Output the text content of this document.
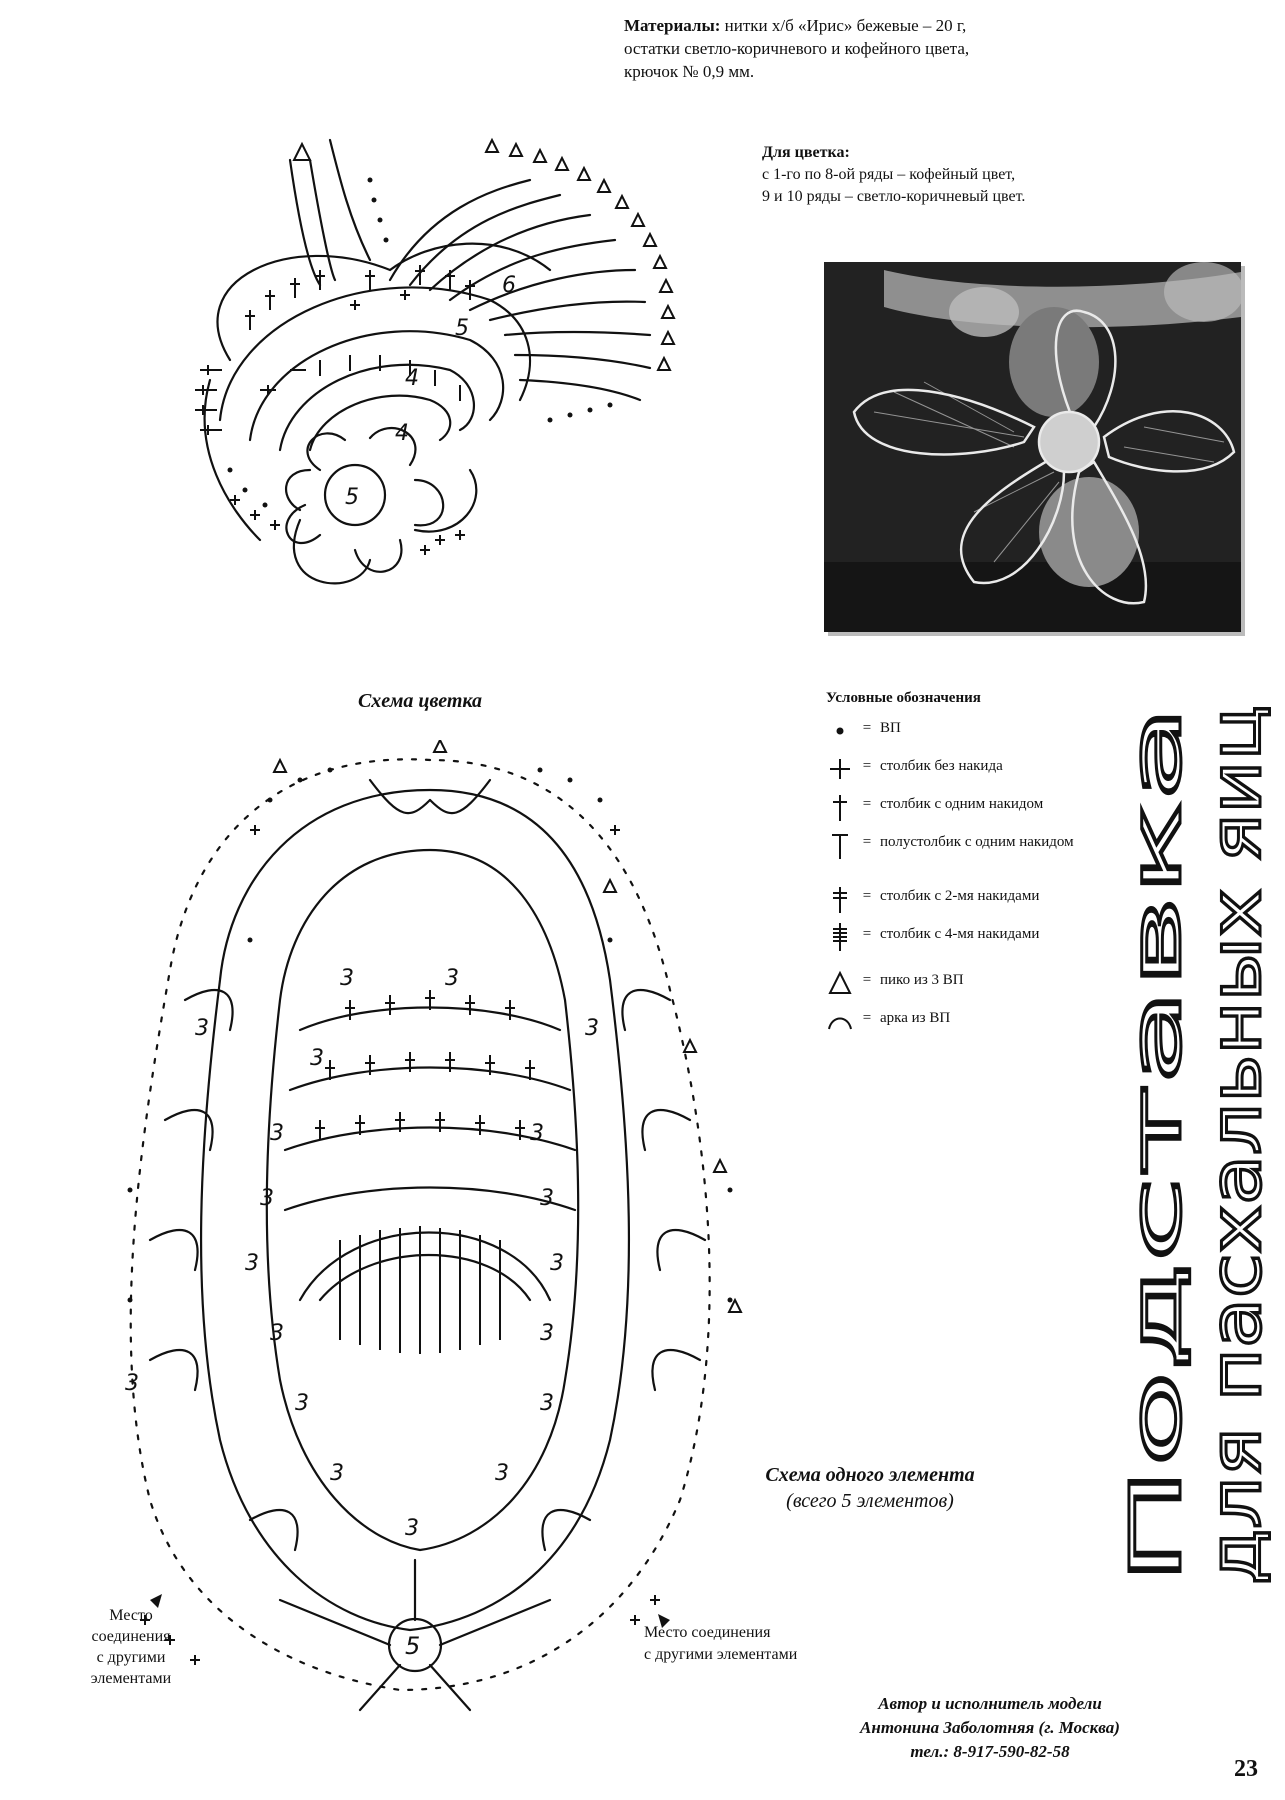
Материалы: нитки х/б «Ирис» бежевые – 20 г,
остатки светло-коричневого и кофейного цвета,
крючок № 0,9 мм.
Для цветка:
с 1-го по 8-ой ряды – кофейный цвет,
9 и 10 ряды – светло-коричневый цвет.
5
4
4
5
6
Схема цветка
3	3
3	3
3
3	3
3	3
3	3
3	3
3
3	3
3	3
3
5
Схема одного элемента
(всего 5 элементов)
Условные обозначения
= ВП
= столбик без накида
= столбик с одним накидом
= полустолбик с одним накидом
= столбик с 2-мя накидами
= столбик с 4-мя накидами
= пико из 3 ВП
= арка из ВП
Подставка
для пасхальных яиц
Место
соединения
с другими
элементами
Место соединения
с другими элементами
Автор и исполнитель модели
Антонина Заболотняя (г. Москва)
тел.: 8-917-590-82-58
23
